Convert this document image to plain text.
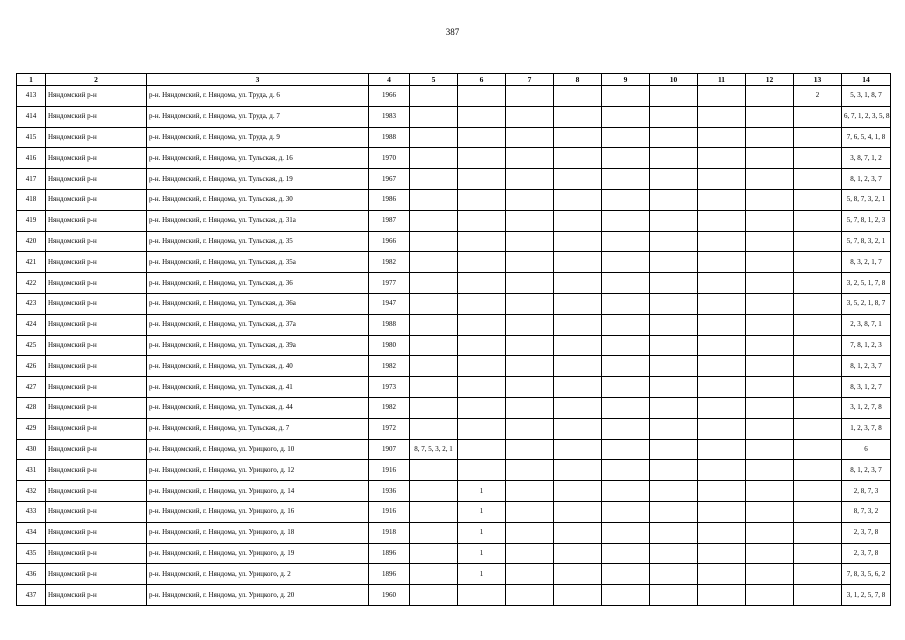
387
1	2	3	4	5	6	7	8	9	10	11	12	13	14
413	Няндомский р-н	р-н. Няндомский, г. Няндома, ул. Труда, д. 6	1966									2	5, 3, 1, 8, 7
414	Няндомский р-н	р-н. Няндомский, г. Няндома, ул. Труда, д. 7	1983										6, 7, 1, 2, 3, 5, 8
415	Няндомский р-н	р-н. Няндомский, г. Няндома, ул. Труда, д. 9	1988										7, 6, 5, 4, 1, 8
416	Няндомский р-н	р-н. Няндомский, г. Няндома, ул. Тульская, д. 16	1970										3, 8, 7, 1, 2
417	Няндомский р-н	р-н. Няндомский, г. Няндома, ул. Тульская, д. 19	1967										8, 1, 2, 3, 7
418	Няндомский р-н	р-н. Няндомский, г. Няндома, ул. Тульская, д. 30	1986										5, 8, 7, 3, 2, 1
419	Няндомский р-н	р-н. Няндомский, г. Няндома, ул. Тульская, д. 31а	1987										5, 7, 8, 1, 2, 3
420	Няндомский р-н	р-н. Няндомский, г. Няндома, ул. Тульская, д. 35	1966										5, 7, 8, 3, 2, 1
421	Няндомский р-н	р-н. Няндомский, г. Няндома, ул. Тульская, д. 35а	1982										8, 3, 2, 1, 7
422	Няндомский р-н	р-н. Няндомский, г. Няндома, ул. Тульская, д. 36	1977										3, 2, 5, 1, 7, 8
423	Няндомский р-н	р-н. Няндомский, г. Няндома, ул. Тульская, д. 36а	1947										3, 5, 2, 1, 8, 7
424	Няндомский р-н	р-н. Няндомский, г. Няндома, ул. Тульская, д. 37а	1988										2, 3, 8, 7, 1
425	Няндомский р-н	р-н. Няндомский, г. Няндома, ул. Тульская, д. 39а	1980										7, 8, 1, 2, 3
426	Няндомский р-н	р-н. Няндомский, г. Няндома, ул. Тульская, д. 40	1982										8, 1, 2, 3, 7
427	Няндомский р-н	р-н. Няндомский, г. Няндома, ул. Тульская, д. 41	1973										8, 3, 1, 2, 7
428	Няндомский р-н	р-н. Няндомский, г. Няндома, ул. Тульская, д. 44	1982										3, 1, 2, 7, 8
429	Няндомский р-н	р-н. Няндомский, г. Няндома, ул. Тульская, д. 7	1972										1, 2, 3, 7, 8
430	Няндомский р-н	р-н. Няндомский, г. Няндома, ул. Урицкого, д. 10	1907	8, 7, 5, 3, 2, 1									6
431	Няндомский р-н	р-н. Няндомский, г. Няндома, ул. Урицкого, д. 12	1916										8, 1, 2, 3, 7
432	Няндомский р-н	р-н. Няндомский, г. Няндома, ул. Урицкого, д. 14	1936		1								2, 8, 7, 3
433	Няндомский р-н	р-н. Няндомский, г. Няндома, ул. Урицкого, д. 16	1916		1								8, 7, 3, 2
434	Няндомский р-н	р-н. Няндомский, г. Няндома, ул. Урицкого, д. 18	1918		1								2, 3, 7, 8
435	Няндомский р-н	р-н. Няндомский, г. Няндома, ул. Урицкого, д. 19	1896		1								2, 3, 7, 8
436	Няндомский р-н	р-н. Няндомский, г. Няндома, ул. Урицкого, д. 2	1896		1								7, 8, 3, 5, 6, 2
437	Няндомский р-н	р-н. Няндомский, г. Няндома, ул. Урицкого, д. 20	1960										3, 1, 2, 5, 7, 8
